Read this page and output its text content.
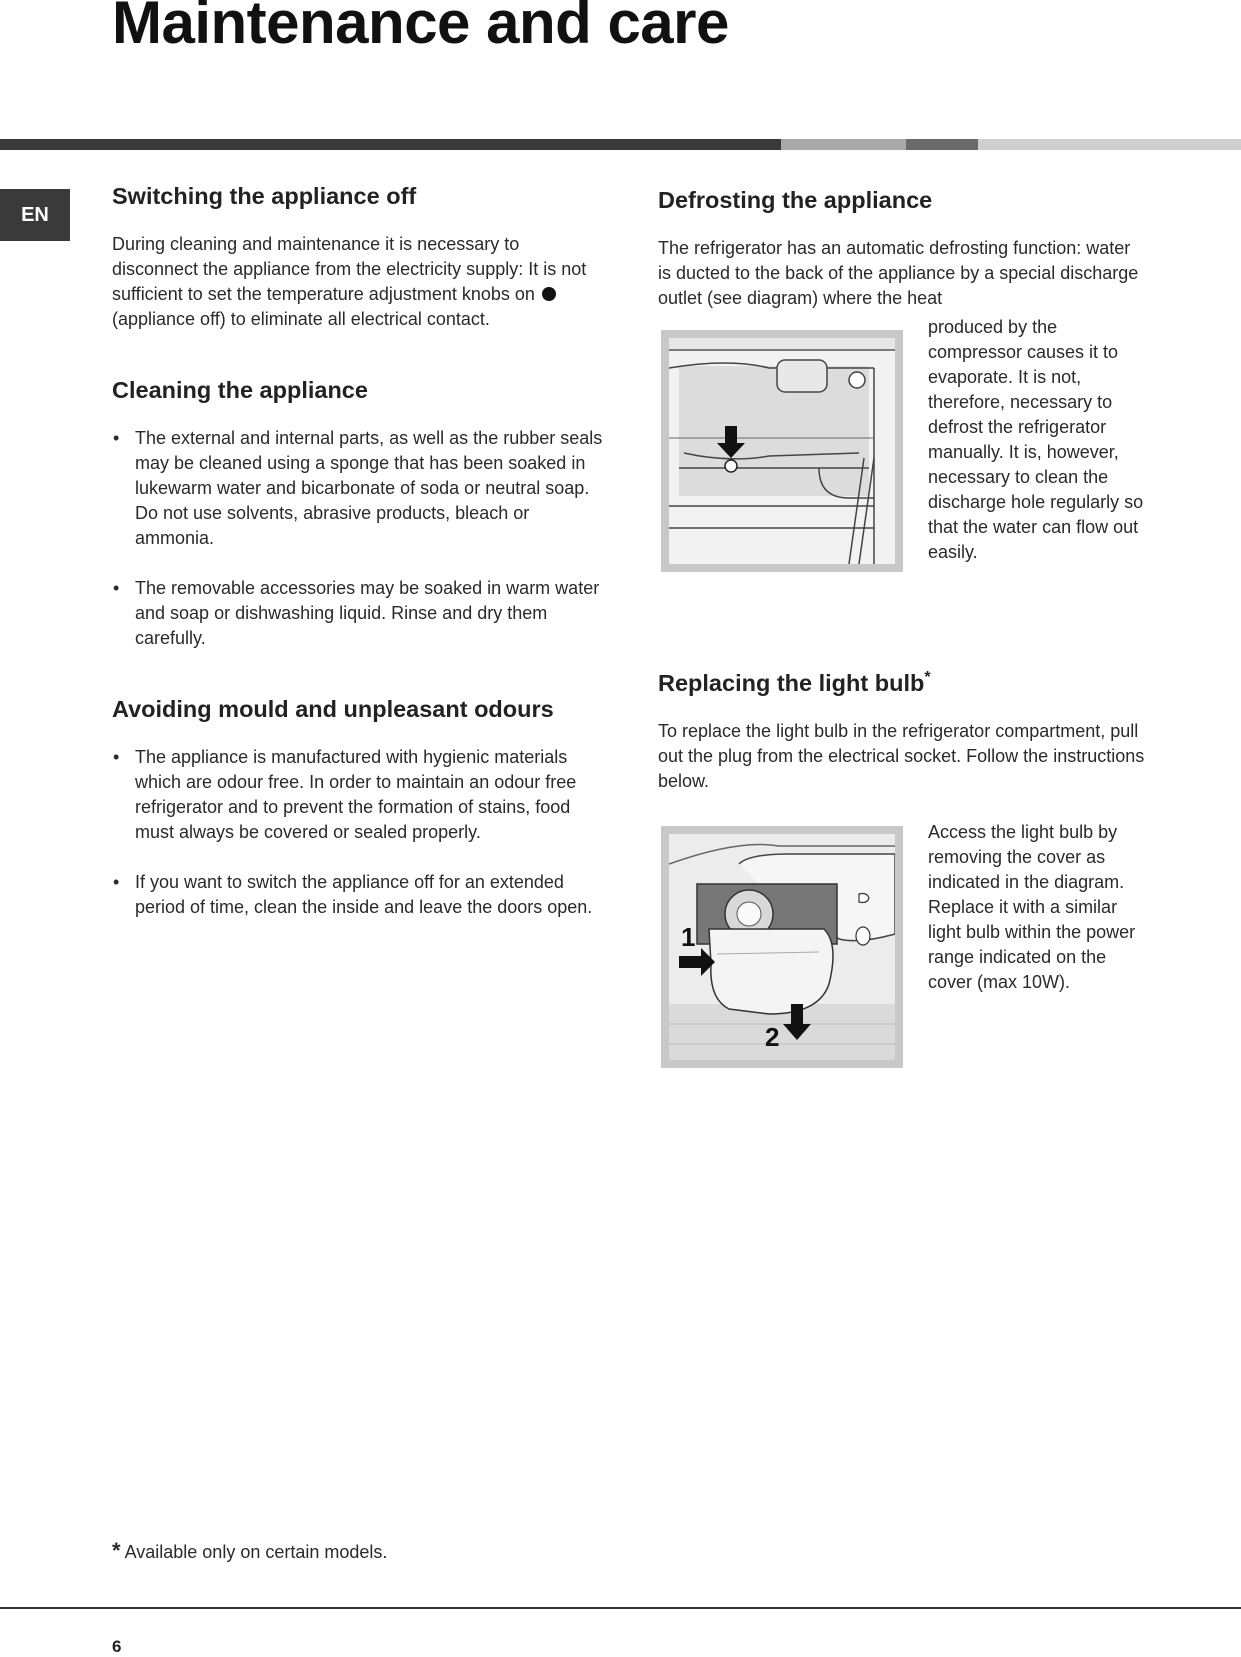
Maintenance and care
EN
Switching the appliance off

During cleaning and maintenance it is necessary to disconnect the appliance from the electricity supply: It is not sufficient to set the temperature adjustment knobs on  (appliance off) to eliminate all electrical contact.

Cleaning the appliance
• The external and internal parts, as well as the rubber seals may be cleaned using a sponge that has been soaked in lukewarm water and bicarbonate of soda or neutral soap. Do not use solvents, abrasive products, bleach or ammonia.
• The removable accessories may be soaked in warm water and soap or dishwashing liquid. Rinse and dry them carefully.
Avoiding mould and unpleasant odours
• The appliance is manufactured with hygienic materials which are odour free. In order to maintain an odour free refrigerator and to prevent the formation of stains, food must always be covered or sealed properly.
• If you want to switch the appliance off for an extended period of time, clean the inside and leave the doors open.
Defrosting the appliance

The refrigerator has an automatic defrosting function: water is ducted to the back of the appliance by a special discharge outlet (see diagram) where the heat

produced by the compressor causes it to evaporate. It is not, therefore, necessary to defrost the refrigerator manually. It is, however, necessary to clean the discharge hole regularly so that the water can flow out easily.
Replacing the light bulb*

To replace the light bulb in the refrigerator compartment, pull out the plug from the electrical socket. Follow the instructions below.

1
2
Access the light bulb by removing the cover as indicated in the diagram.
Replace it with a similar light bulb within the power range indicated on the cover (max 10W).
* Available only on certain models.
6
